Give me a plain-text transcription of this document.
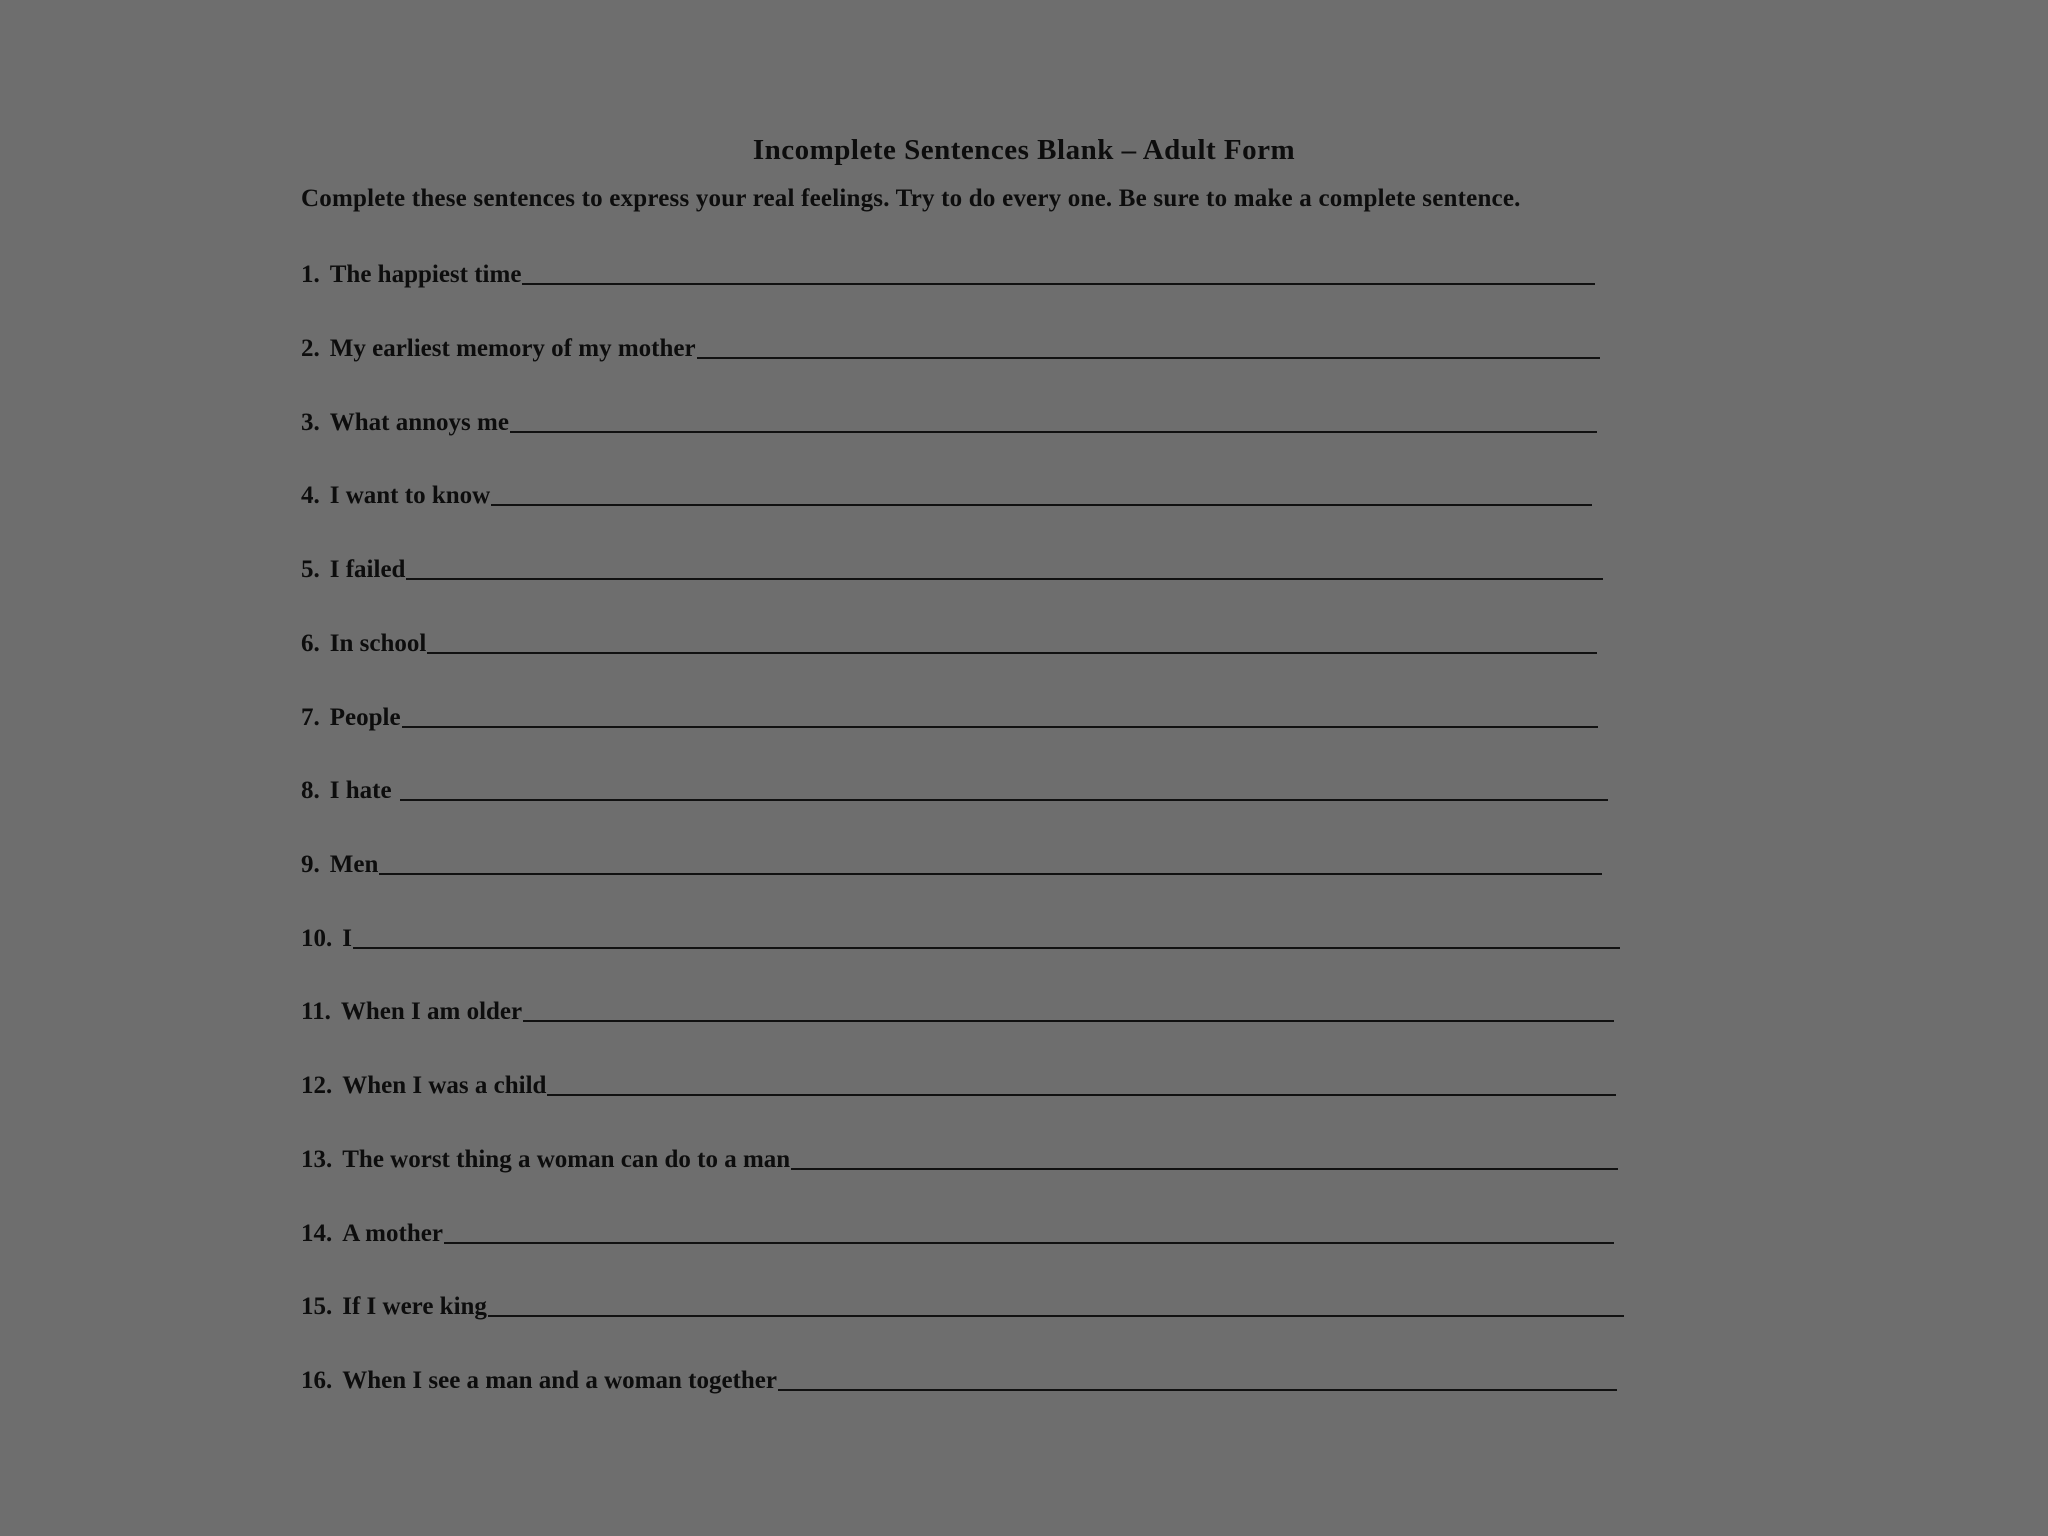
Incomplete Sentences Blank – Adult Form

Complete these sentences to express your real feelings. Try to do every one. Be sure to make a complete sentence.

1. The happiest time
2. My earliest memory of my mother
3. What annoys me
4. I want to know
5. I failed
6. In school
7. People
8. I hate
9. Men
10. I
11. When I am older
12. When I was a child
13. The worst thing a woman can do to a man
14. A mother
15. If I were king
16. When I see a man and a woman together
